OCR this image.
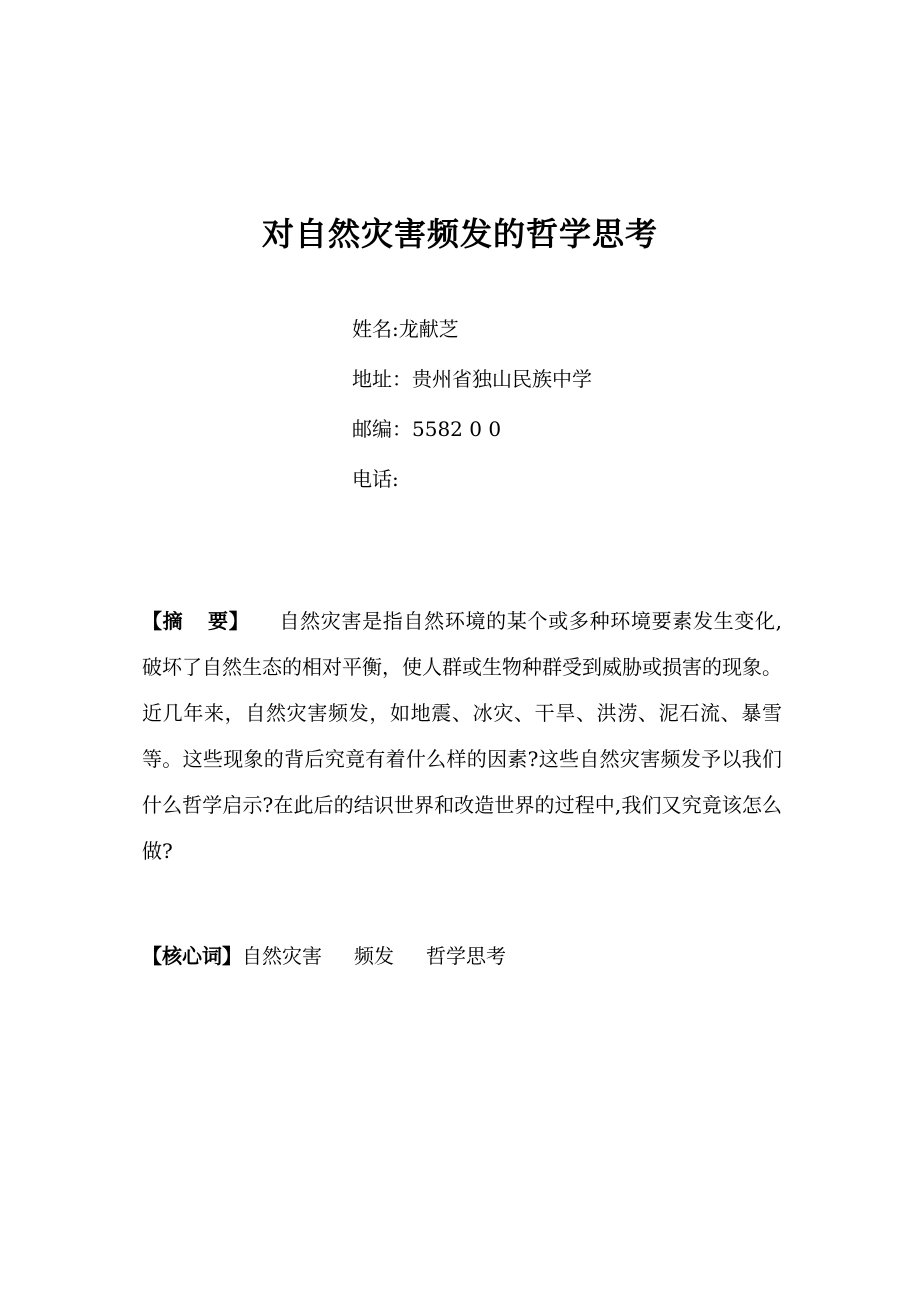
对自然灾害频发的哲学思考
姓名:龙献芝
地址：贵州省独山民族中学
邮编：5582 0 0
电话:
【摘 要】 自然灾害是指自然环境的某个或多种环境要素发生变化,破坏了自然生态的相对平衡，使人群或生物种群受到威胁或损害的现象。近几年来，自然灾害频发，如地震、冰灾、干旱、洪涝、泥石流、暴雪等。这些现象的背后究竟有着什么样的因素?这些自然灾害频发予以我们什么哲学启示?在此后的结识世界和改造世界的过程中,我们又究竟该怎么做?
【核心词】自然灾害 频发 哲学思考
